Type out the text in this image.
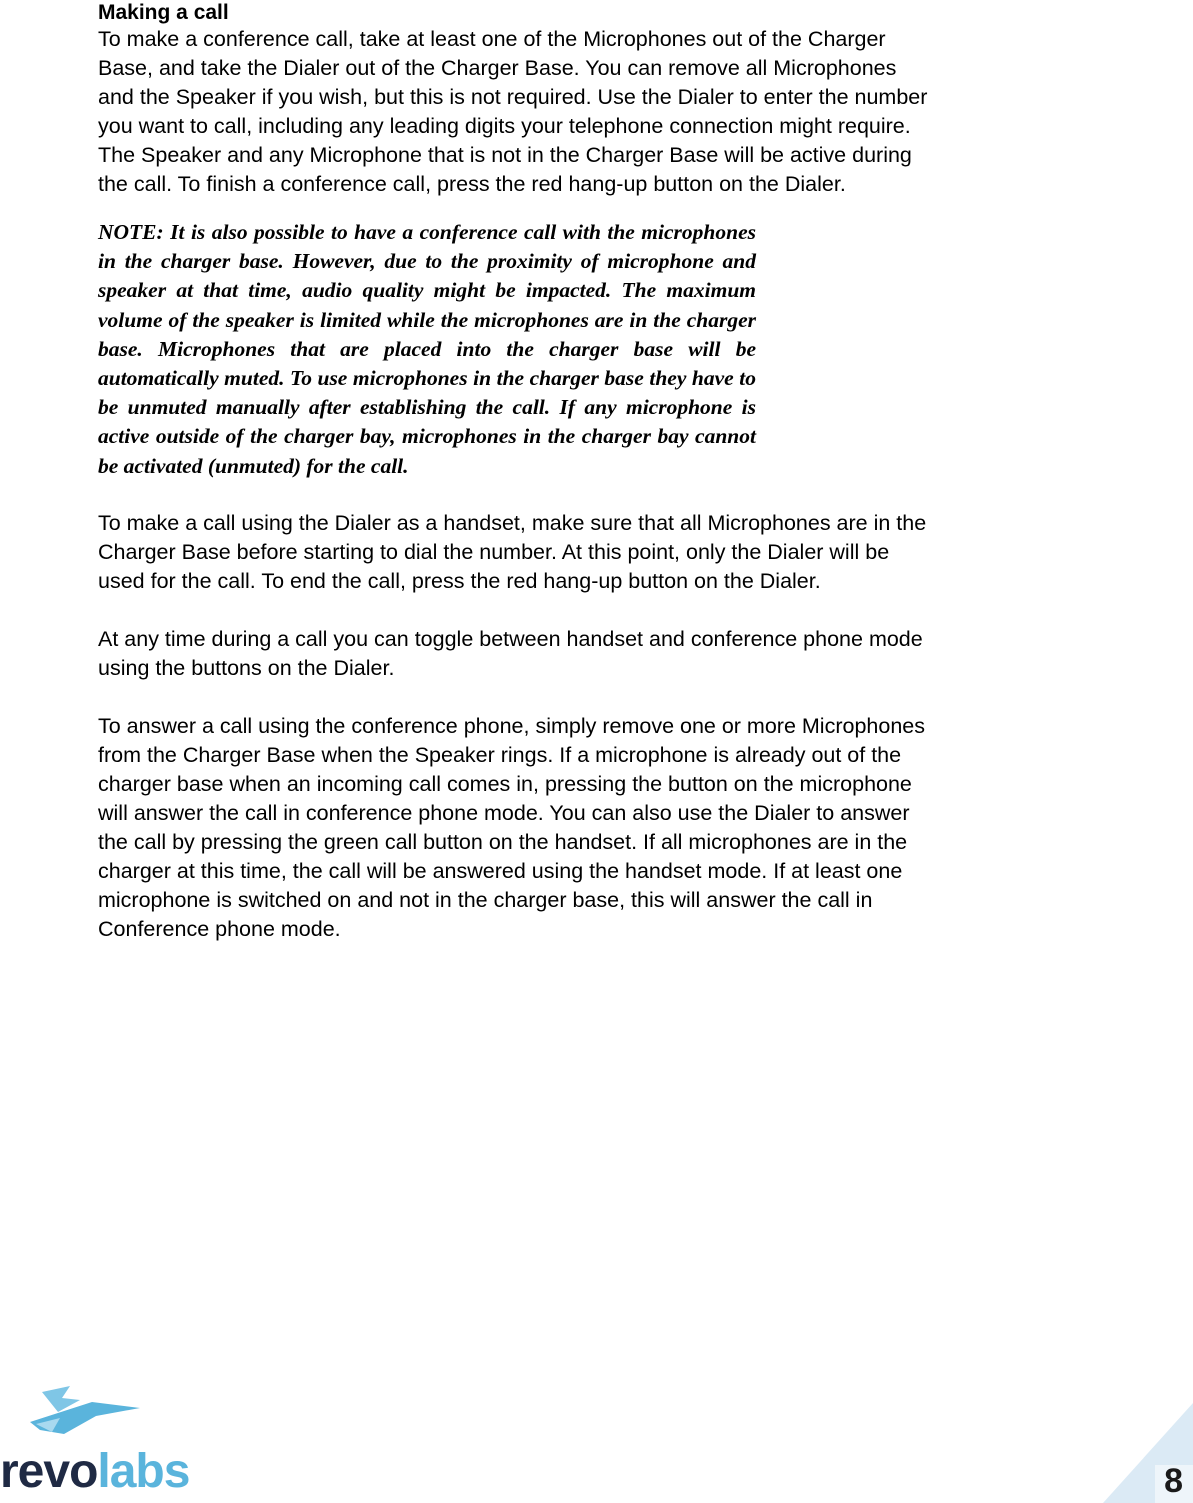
Making a call

To make a conference call, take at least one of the Microphones out of the Charger
Base, and take the Dialer out of the Charger Base. You can remove all Microphones
and the Speaker if you wish, but this is not required. Use the Dialer to enter the number
you want to call, including any leading digits your telephone connection might require.
The Speaker and any Microphone that is not in the Charger Base will be active during
the call. To finish a conference call, press the red hang-up button on the Dialer.

NOTE: It is also possible to have a conference call with the microphones in the charger base. However, due to the proximity of microphone and speaker at that time, audio quality might be impacted. The maximum volume of the speaker is limited while the microphones are in the charger base. Microphones that are placed into the charger base will be automatically muted. To use microphones in the charger base they have to be unmuted manually after establishing the call. If any microphone is active outside of the charger bay, microphones in the charger bay cannot be activated (unmuted) for the call.

To make a call using the Dialer as a handset, make sure that all Microphones are in the
Charger Base before starting to dial the number. At this point, only the Dialer will be
used for the call. To end the call, press the red hang-up button on the Dialer.

At any time during a call you can toggle between handset and conference phone mode
using the buttons on the Dialer.

To answer a call using the conference phone, simply remove one or more Microphones
from the Charger Base when the Speaker rings. If a microphone is already out of the
charger base when an incoming call comes in, pressing the button on the microphone
will answer the call in conference phone mode. You can also use the Dialer to answer
the call by pressing the green call button on the handset. If all microphones are in the
charger at this time, the call will be answered using the handset mode. If at least one
microphone is switched on and not in the charger base, this will answer the call in
Conference phone mode.

revolabs	8
